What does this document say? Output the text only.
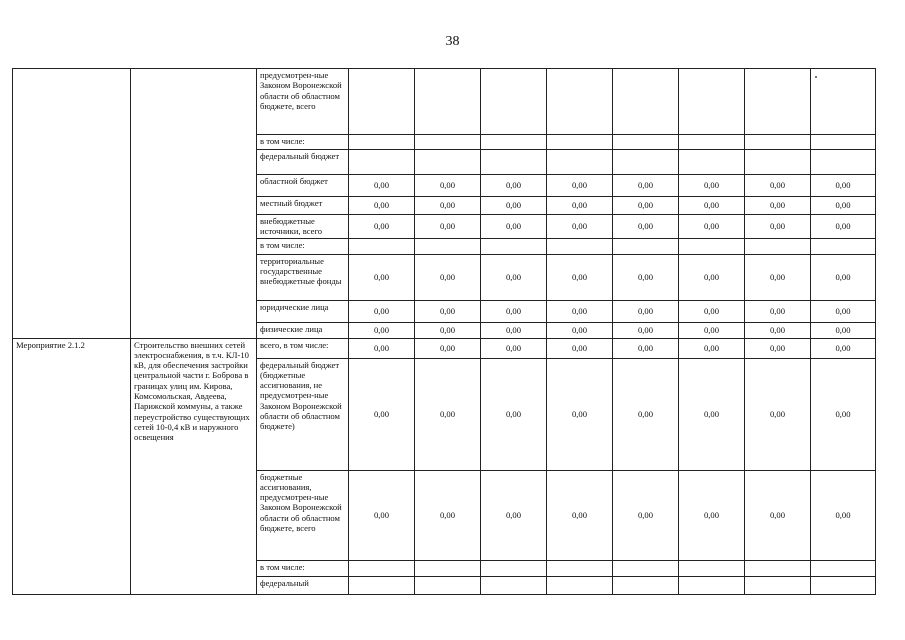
38
		предусмотрен-ные Законом Воронежской области об областном бюджете, всего								
		в том числе:								
		федеральный бюджет								
		областной бюджет	0,00	0,00	0,00	0,00	0,00	0,00	0,00	0,00
		местный бюджет	0,00	0,00	0,00	0,00	0,00	0,00	0,00	0,00
		внебюджетные источники, всего	0,00	0,00	0,00	0,00	0,00	0,00	0,00	0,00
		в том числе:								
		территориальные государственные внебюджетные фонды	0,00	0,00	0,00	0,00	0,00	0,00	0,00	0,00
		юридические лица	0,00	0,00	0,00	0,00	0,00	0,00	0,00	0,00
		физические лица	0,00	0,00	0,00	0,00	0,00	0,00	0,00	0,00
Мероприятие 2.1.2	Строительство внешних сетей электроснабжения, в т.ч. КЛ-10 кВ, для обеспечения застройки центральной части г. Боброва в границах улиц им. Кирова, Комсомольская, Авдеева, Парижской коммуны, а также переустройство существующих сетей 10-0,4 кВ и наружного освещения	всего, в том числе:	0,00	0,00	0,00	0,00	0,00	0,00	0,00	0,00
		федеральный бюджет (бюджетные ассигнования, не предусмотрен-ные Законом Воронежской области об областном бюджете)	0,00	0,00	0,00	0,00	0,00	0,00	0,00	0,00
		бюджетные ассигнования, предусмотрен-ные Законом Воронежской области об областном бюджете, всего	0,00	0,00	0,00	0,00	0,00	0,00	0,00	0,00
		в том числе:								
		федеральный								
